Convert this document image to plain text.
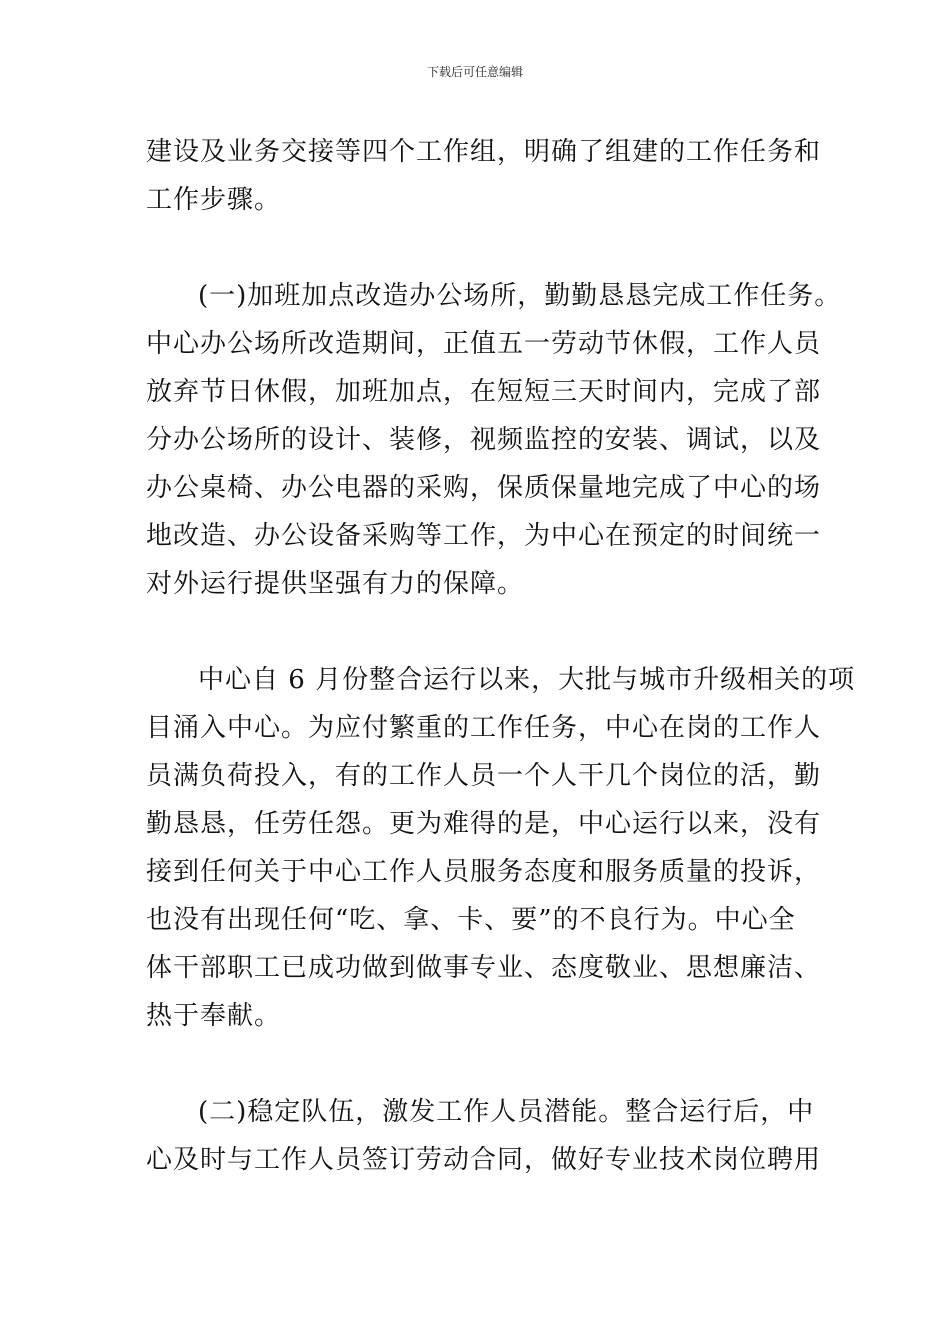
下载后可任意编辑
建设及业务交接等四个工作组，明确了组建的工作任务和
工作步骤。
(一)加班加点改造办公场所，勤勤恳恳完成工作任务。
中心办公场所改造期间，正值五一劳动节休假，工作人员
放弃节日休假，加班加点，在短短三天时间内，完成了部
分办公场所的设计、装修，视频监控的安装、调试，以及
办公桌椅、办公电器的采购，保质保量地完成了中心的场
地改造、办公设备采购等工作，为中心在预定的时间统一
对外运行提供坚强有力的保障。
中心自 6 月份整合运行以来，大批与城市升级相关的项
目涌入中心。为应付繁重的工作任务，中心在岗的工作人
员满负荷投入，有的工作人员一个人干几个岗位的活，勤
勤恳恳，任劳任怨。更为难得的是，中心运行以来，没有
接到任何关于中心工作人员服务态度和服务质量的投诉，
也没有出现任何“吃、拿、卡、要”的不良行为。中心全
体干部职工已成功做到做事专业、态度敬业、思想廉洁、
热于奉献。
(二)稳定队伍，激发工作人员潜能。整合运行后，中
心及时与工作人员签订劳动合同，做好专业技术岗位聘用
